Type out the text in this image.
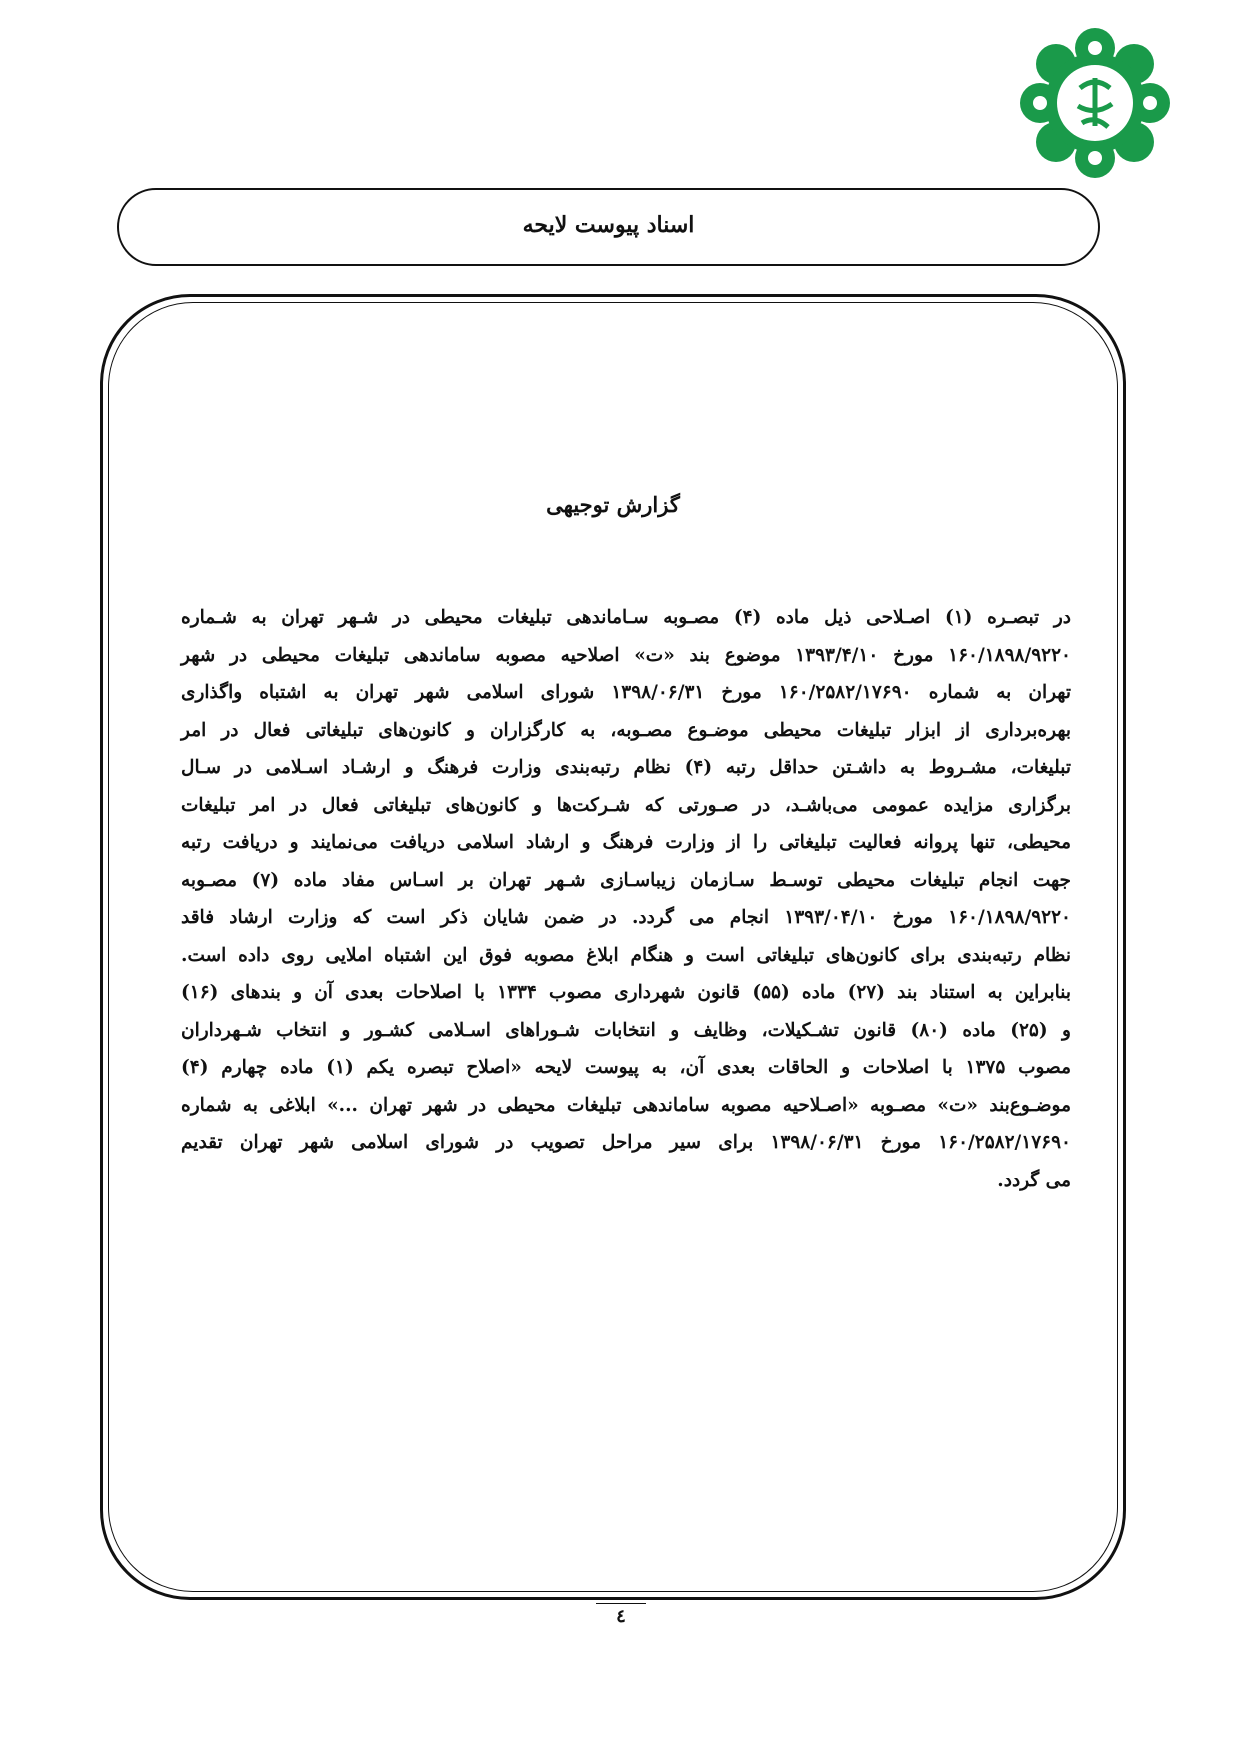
اسناد پیوست لایحه
گزارش توجیهی
در تبصـره (۱) اصـلاحی ذیل ماده (۴) مصـوبه سـاماندهی تبلیغات محیطی در شـهر تهران به شـماره
۱۶۰/۱۸۹۸/۹۲۲۰ مورخ ۱۳۹۳/۴/۱۰ موضوع بند «ت» اصلاحیه مصوبه ساماندهی تبلیغات محیطی در شهر
تهران به شماره ۱۶۰/۲۵۸۲/۱۷۶۹۰ مورخ ۱۳۹۸/۰۶/۳۱ شورای اسلامی شهر تهران به اشتباه واگذاری
بهره‌برداری از ابزار تبلیغات محیطی موضـوع مصـوبه، به کارگزاران و کانون‌های تبلیغاتی فعال در امر
تبلیغات، مشـروط به داشـتن حداقل رتبه (۴) نظام رتبه‌بندی وزارت فرهنگ و ارشـاد اسـلامی در سـال
برگزاری مزایده عمومی می‌باشـد، در صـورتی که شـرکت‌ها و کانون‌های تبلیغاتی فعال در امر تبلیغات
محیطی، تنها پروانه فعالیت تبلیغاتی را از وزارت فرهنگ و ارشاد اسلامی دریافت می‌نمایند و دریافت رتبه
جهت انجام تبلیغات محیطی توسـط سـازمان زیباسـازی شـهر تهران بر اسـاس مفاد ماده (۷) مصـوبه
۱۶۰/۱۸۹۸/۹۲۲۰ مورخ ۱۳۹۳/۰۴/۱۰ انجام می گردد. در ضمن شایان ذکر است که وزارت ارشاد فاقد
نظام رتبه‌بندی برای کانون‌های تبلیغاتی است و هنگام ابلاغ مصوبه فوق این اشتباه املایی روی داده است.
بنابراین به استناد بند (۲۷) ماده (۵۵) قانون شهرداری مصوب ۱۳۳۴ با اصلاحات بعدی آن و بندهای (۱۶)
و (۲۵) ماده (۸۰) قانون تشـکیلات، وظایف و انتخابات شـوراهای اسـلامی کشـور و انتخاب شـهرداران
مصوب ۱۳۷۵ با اصلاحات و الحاقات بعدی آن، به پیوست لایحه «اصلاح تبصره یکم (۱) ماده چهارم (۴)
موضـوع‌بند «ت» مصـوبه «اصـلاحیه مصوبه ساماندهی تبلیغات محیطی در شهر تهران ...» ابلاغی به شماره
۱۶۰/۲۵۸۲/۱۷۶۹۰ مورخ ۱۳۹۸/۰۶/۳۱ برای سیر مراحل تصویب در شورای اسلامی شهر تهران تقدیم
می گردد.
٤
